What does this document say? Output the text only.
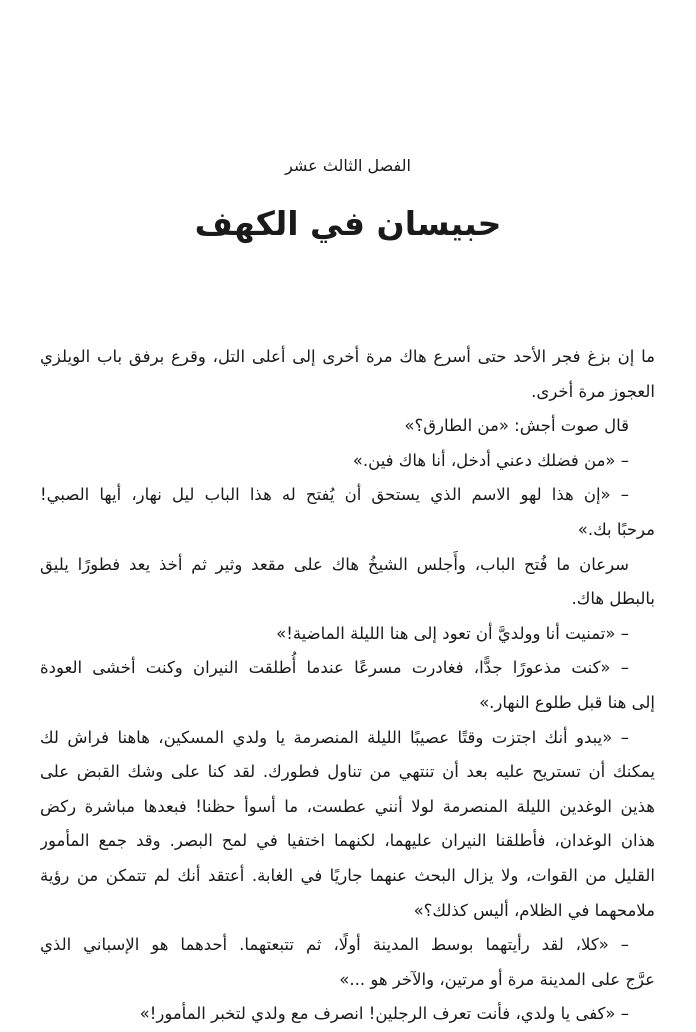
الفصل الثالث عشر
حبيسان في الكهف
ما إن بزغ فجر الأحد حتى أسرع هاك مرة أخرى إلى أعلى التل، وقرع برفق باب الويلزي
العجوز مرة أخرى.
قال صوت أجش: «من الطارق؟»
– «من فضلك دعني أدخل، أنا هاك فين.»
– «إن هذا لهو الاسم الذي يستحق أن يُفتح له هذا الباب ليل نهار، أيها الصبي!
مرحبًا بك.»
سرعان ما فُتح الباب، وأَجلس الشيخُ هاك على مقعد وثير ثم أخذ يعد فطورًا يليق
بالبطل هاك.
– «تمنيت أنا وولديَّ أن تعود إلى هنا الليلة الماضية!»
– «كنت مذعورًا جدًّا، فغادرت مسرعًا عندما أُطلقت النيران وكنت أخشى العودة
إلى هنا قبل طلوع النهار.»
– «يبدو أنك اجتزت وقتًا عصيبًا الليلة المنصرمة يا ولدي المسكين، هاهنا فراش لك
يمكنك أن تستريح عليه بعد أن تنتهي من تناول فطورك. لقد كنا على وشك القبض على
هذين الوغدين الليلة المنصرمة لولا أنني عطست، ما أسوأ حظنا! فبعدها مباشرة ركض
هذان الوغدان، فأطلقنا النيران عليهما، لكنهما اختفيا في لمح البصر. وقد جمع المأمور
القليل من القوات، ولا يزال البحث عنهما جاريًا في الغابة. أعتقد أنك لم تتمكن من رؤية
ملامحهما في الظلام، أليس كذلك؟»
– «كلا، لقد رأيتهما بوسط المدينة أولًا، ثم تتبعتهما. أحدهما هو الإسباني الذي
عرَّج على المدينة مرة أو مرتين، والآخر هو ...»
– «كفى يا ولدي، فأنت تعرف الرجلين! انصرف مع ولدي لتخبر المأمور!»
